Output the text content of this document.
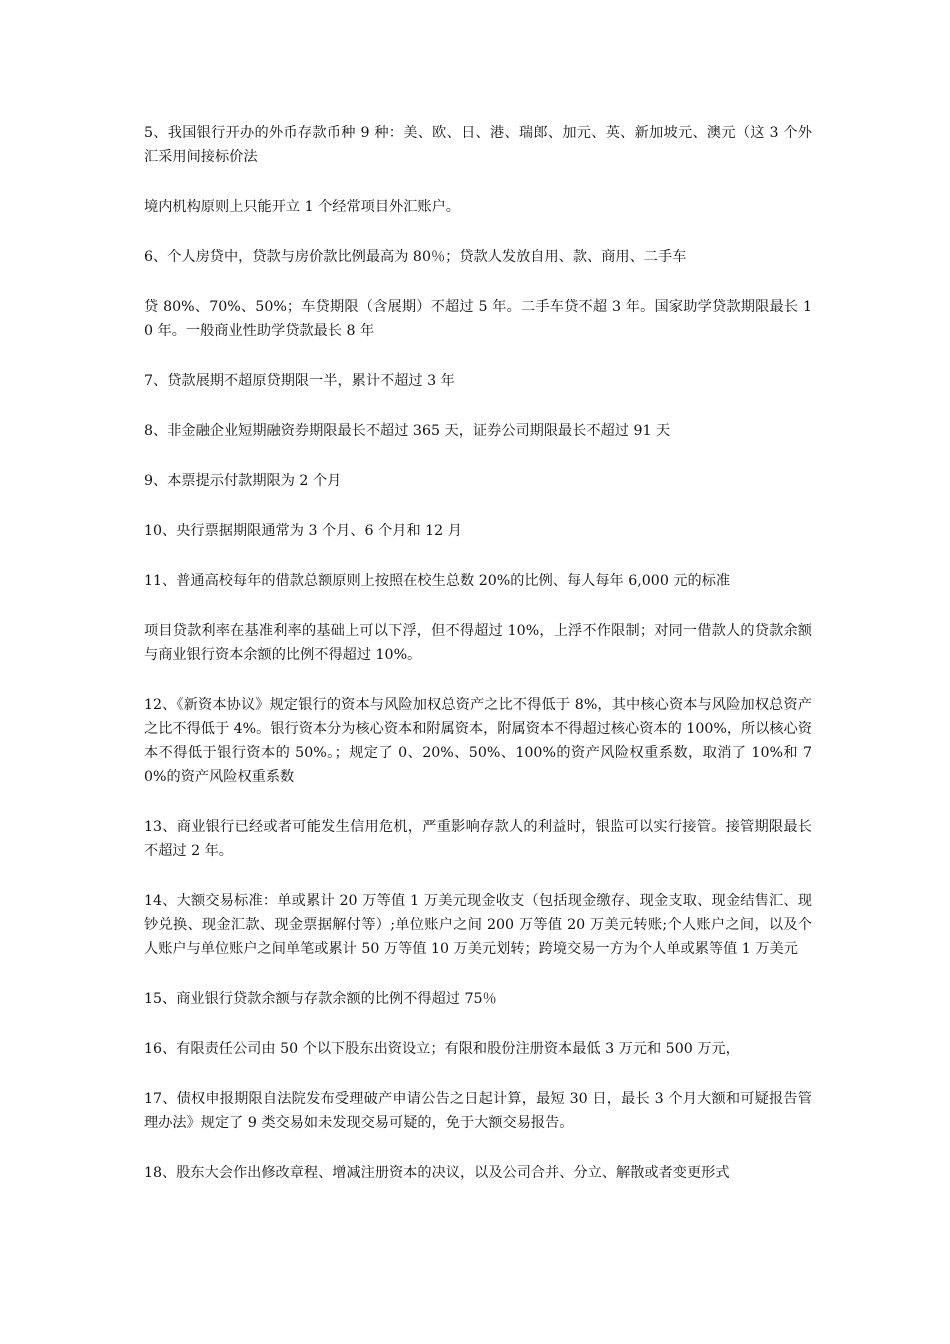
5、我国银行开办的外币存款币种 9 种：美、欧、日、港、瑞郎、加元、英、新加坡元、澳元（这 3 个外汇采用间接标价法

境内机构原则上只能开立 1 个经常项目外汇账户。

6、个人房贷中，贷款与房价款比例最高为 80％；贷款人发放自用、款、商用、二手车

贷 80%、70%、50%；车贷期限（含展期）不超过 5 年。二手车贷不超 3 年。国家助学贷款期限最长 10 年。一般商业性助学贷款最长 8 年

7、贷款展期不超原贷期限一半，累计不超过 3 年

8、非金融企业短期融资券期限最长不超过 365 天，证券公司期限最长不超过 91 天

9、本票提示付款期限为 2 个月

10、央行票据期限通常为 3 个月、6 个月和 12 月

11、普通高校每年的借款总额原则上按照在校生总数 20%的比例、每人每年 6,000 元的标准

项目贷款利率在基准利率的基础上可以下浮，但不得超过 10%，上浮不作限制；对同一借款人的贷款余额与商业银行资本余额的比例不得超过 10%。

12、《新资本协议》规定银行的资本与风险加权总资产之比不得低于 8%，其中核心资本与风险加权总资产之比不得低于 4%。银行资本分为核心资本和附属资本，附属资本不得超过核心资本的 100%，所以核心资本不得低于银行资本的 50%。；规定了 0、20%、50%、100%的资产风险权重系数，取消了 10%和 70%的资产风险权重系数

13、商业银行已经或者可能发生信用危机，严重影响存款人的利益时，银监可以实行接管。接管期限最长不超过 2 年。

14、大额交易标准：单或累计 20 万等值 1 万美元现金收支（包括现金缴存、现金支取、现金结售汇、现钞兑换、现金汇款、现金票据解付等）;单位账户之间 200 万等值 20 万美元转账;个人账户之间，以及个人账户与单位账户之间单笔或累计 50 万等值 10 万美元划转；跨境交易一方为个人单或累等值 1 万美元

15、商业银行贷款余额与存款余额的比例不得超过 75％

16、有限责任公司由 50 个以下股东出资设立；有限和股份注册资本最低 3 万元和 500 万元，

17、债权申报期限自法院发布受理破产申请公告之日起计算，最短 30 日，最长 3 个月大额和可疑报告管理办法》规定了 9 类交易如未发现交易可疑的，免于大额交易报告。

18、股东大会作出修改章程、增减注册资本的决议，以及公司合并、分立、解散或者变更形式
